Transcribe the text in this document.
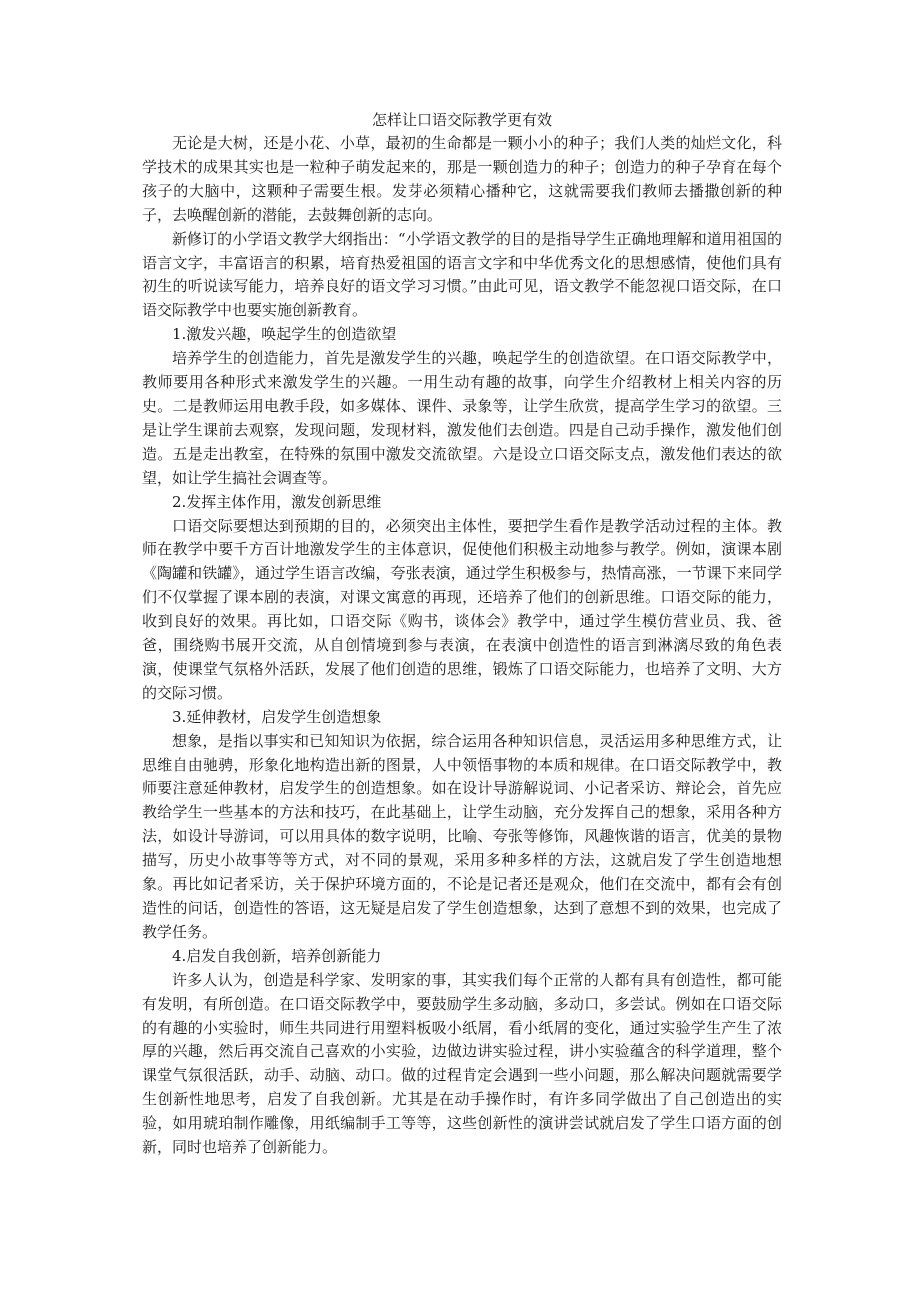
怎样让口语交际教学更有效

无论是大树，还是小花、小草，最初的生命都是一颗小小的种子；我们人类的灿烂文化，科学技术的成果其实也是一粒种子萌发起来的，那是一颗创造力的种子；创造力的种子孕育在每个孩子的大脑中，这颗种子需要生根。发芽必须精心播种它，这就需要我们教师去播撒创新的种子，去唤醒创新的潜能，去鼓舞创新的志向。

新修订的小学语文教学大纲指出：“小学语文教学的目的是指导学生正确地理解和道用祖国的语言文字，丰富语言的积累，培育热爱祖国的语言文字和中华优秀文化的思想感情，使他们具有初生的听说读写能力，培养良好的语文学习习惯。”由此可见，语文教学不能忽视口语交际，在口语交际教学中也要实施创新教育。

1.激发兴趣，唤起学生的创造欲望

培养学生的创造能力，首先是激发学生的兴趣，唤起学生的创造欲望。在口语交际教学中，教师要用各种形式来激发学生的兴趣。一用生动有趣的故事，向学生介绍教材上相关内容的历史。二是教师运用电教手段，如多媒体、课件、录象等，让学生欣赏，提高学生学习的欲望。三是让学生课前去观察，发现问题，发现材料，激发他们去创造。四是自己动手操作，激发他们创造。五是走出教室，在特殊的氛围中激发交流欲望。六是设立口语交际支点，激发他们表达的欲望，如让学生搞社会调查等。

2.发挥主体作用，激发创新思维

口语交际要想达到预期的目的，必须突出主体性，要把学生看作是教学活动过程的主体。教师在教学中要千方百计地激发学生的主体意识，促使他们积极主动地参与教学。例如，演课本剧《陶罐和铁罐》，通过学生语言改编，夸张表演，通过学生积极参与，热情高涨，一节课下来同学们不仅掌握了课本剧的表演，对课文寓意的再现，还培养了他们的创新思维。口语交际的能力，收到良好的效果。再比如，口语交际《购书，谈体会》教学中，通过学生模仿营业员、我、爸爸，围绕购书展开交流，从自创情境到参与表演，在表演中创造性的语言到淋漓尽致的角色表演，使课堂气氛格外活跃，发展了他们创造的思维，锻炼了口语交际能力，也培养了文明、大方的交际习惯。

3.延伸教材，启发学生创造想象

想象，是指以事实和已知知识为依据，综合运用各种知识信息，灵活运用多种思维方式，让思维自由驰骋，形象化地构造出新的图景，人中领悟事物的本质和规律。在口语交际教学中，教师要注意延伸教材，启发学生的创造想象。如在设计导游解说词、小记者采访、辩论会，首先应教给学生一些基本的方法和技巧，在此基础上，让学生动脑，充分发挥自己的想象，采用各种方法，如设计导游词，可以用具体的数字说明，比喻、夸张等修饰，风趣恢谐的语言，优美的景物描写，历史小故事等等方式，对不同的景观，采用多种多样的方法，这就启发了学生创造地想象。再比如记者采访，关于保护环境方面的，不论是记者还是观众，他们在交流中，都有会有创造性的问话，创造性的答语，这无疑是启发了学生创造想象，达到了意想不到的效果，也完成了教学任务。

4.启发自我创新，培养创新能力

许多人认为，创造是科学家、发明家的事，其实我们每个正常的人都有具有创造性，都可能有发明，有所创造。在口语交际教学中，要鼓励学生多动脑，多动口，多尝试。例如在口语交际的有趣的小实验时，师生共同进行用塑料板吸小纸屑，看小纸屑的变化，通过实验学生产生了浓厚的兴趣，然后再交流自己喜欢的小实验，边做边讲实验过程，讲小实验蕴含的科学道理，整个课堂气氛很活跃，动手、动脑、动口。做的过程肯定会遇到一些小问题，那么解决问题就需要学生创新性地思考，启发了自我创新。尤其是在动手操作时，有许多同学做出了自己创造出的实验，如用琥珀制作雕像，用纸编制手工等等，这些创新性的演讲尝试就启发了学生口语方面的创新，同时也培养了创新能力。
